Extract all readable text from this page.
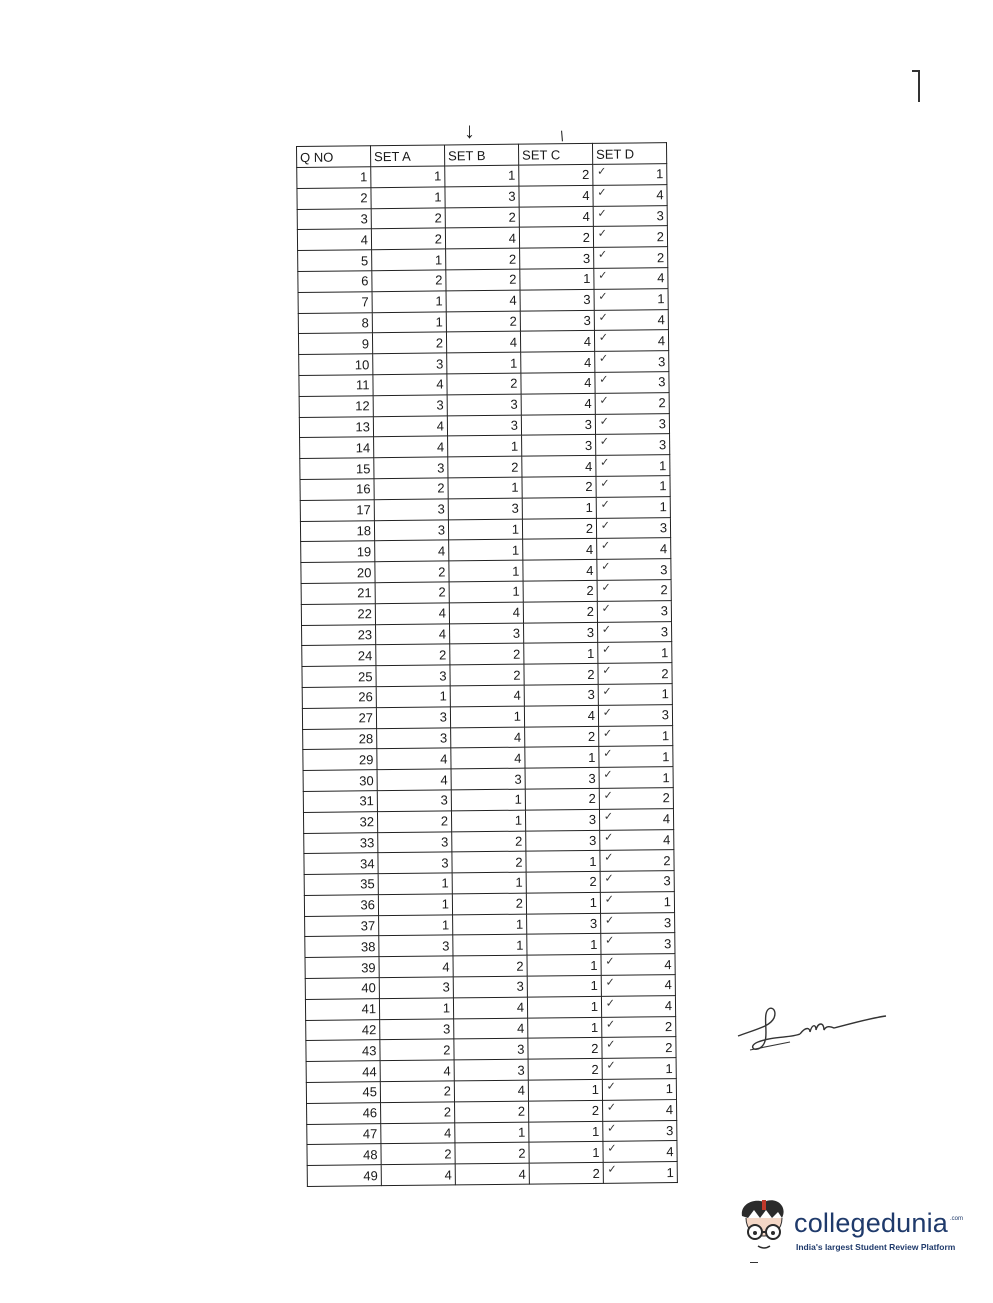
↓	/
Q NO	SET A	SET B	SET C	SET D
1	1	1	2 ✓	1
2	1	3	4 ✓	4
3	2	2	4 ✓	3
4	2	4	2 ✓	2
5	1	2	3 ✓	2
6	2	2	1 ✓	4
7	1	4	3 ✓	1
8	1	2	3 ✓	4
9	2	4	4 ✓	4
10	3	1	4 ✓	3
11	4	2	4 ✓	3
12	3	3	4 ✓	2
13	4	3	3 ✓	3
14	4	1	3 ✓	3
15	3	2	4 ✓	1
16	2	1	2 ✓	1
17	3	3	1 ✓	1
18	3	1	2 ✓	3
19	4	1	4 ✓	4
20	2	1	4 ✓	3
21	2	1	2 ✓	2
22	4	4	2 ✓	3
23	4	3	3 ✓	3
24	2	2	1 ✓	1
25	3	2	2 ✓	2
26	1	4	3 ✓	1
27	3	1	4 ✓	3
28	3	4	2 ✓	1
29	4	4	1 ✓	1
30	4	3	3 ✓	1
31	3	1	2 ✓	2
32	2	1	3 ✓	4
33	3	2	3 ✓	4
34	3	2	1 ✓	2
35	1	1	2 ✓	3
36	1	2	1 ✓	1
37	1	1	3 ✓	3
38	3	1	1 ✓	3
39	4	2	1 ✓	4
40	3	3	1 ✓	4
41	1	4	1 ✓	4
42	3	4	1 ✓	2
43	2	3	2 ✓	2
44	4	3	2 ✓	1
45	2	4	1 ✓	1
46	2	2	2 ✓	4
47	4	1	1 ✓	3
48	2	2	1 ✓	4
49	4	4	2 ✓	1
collegedunia .com
India's largest Student Review Platform
